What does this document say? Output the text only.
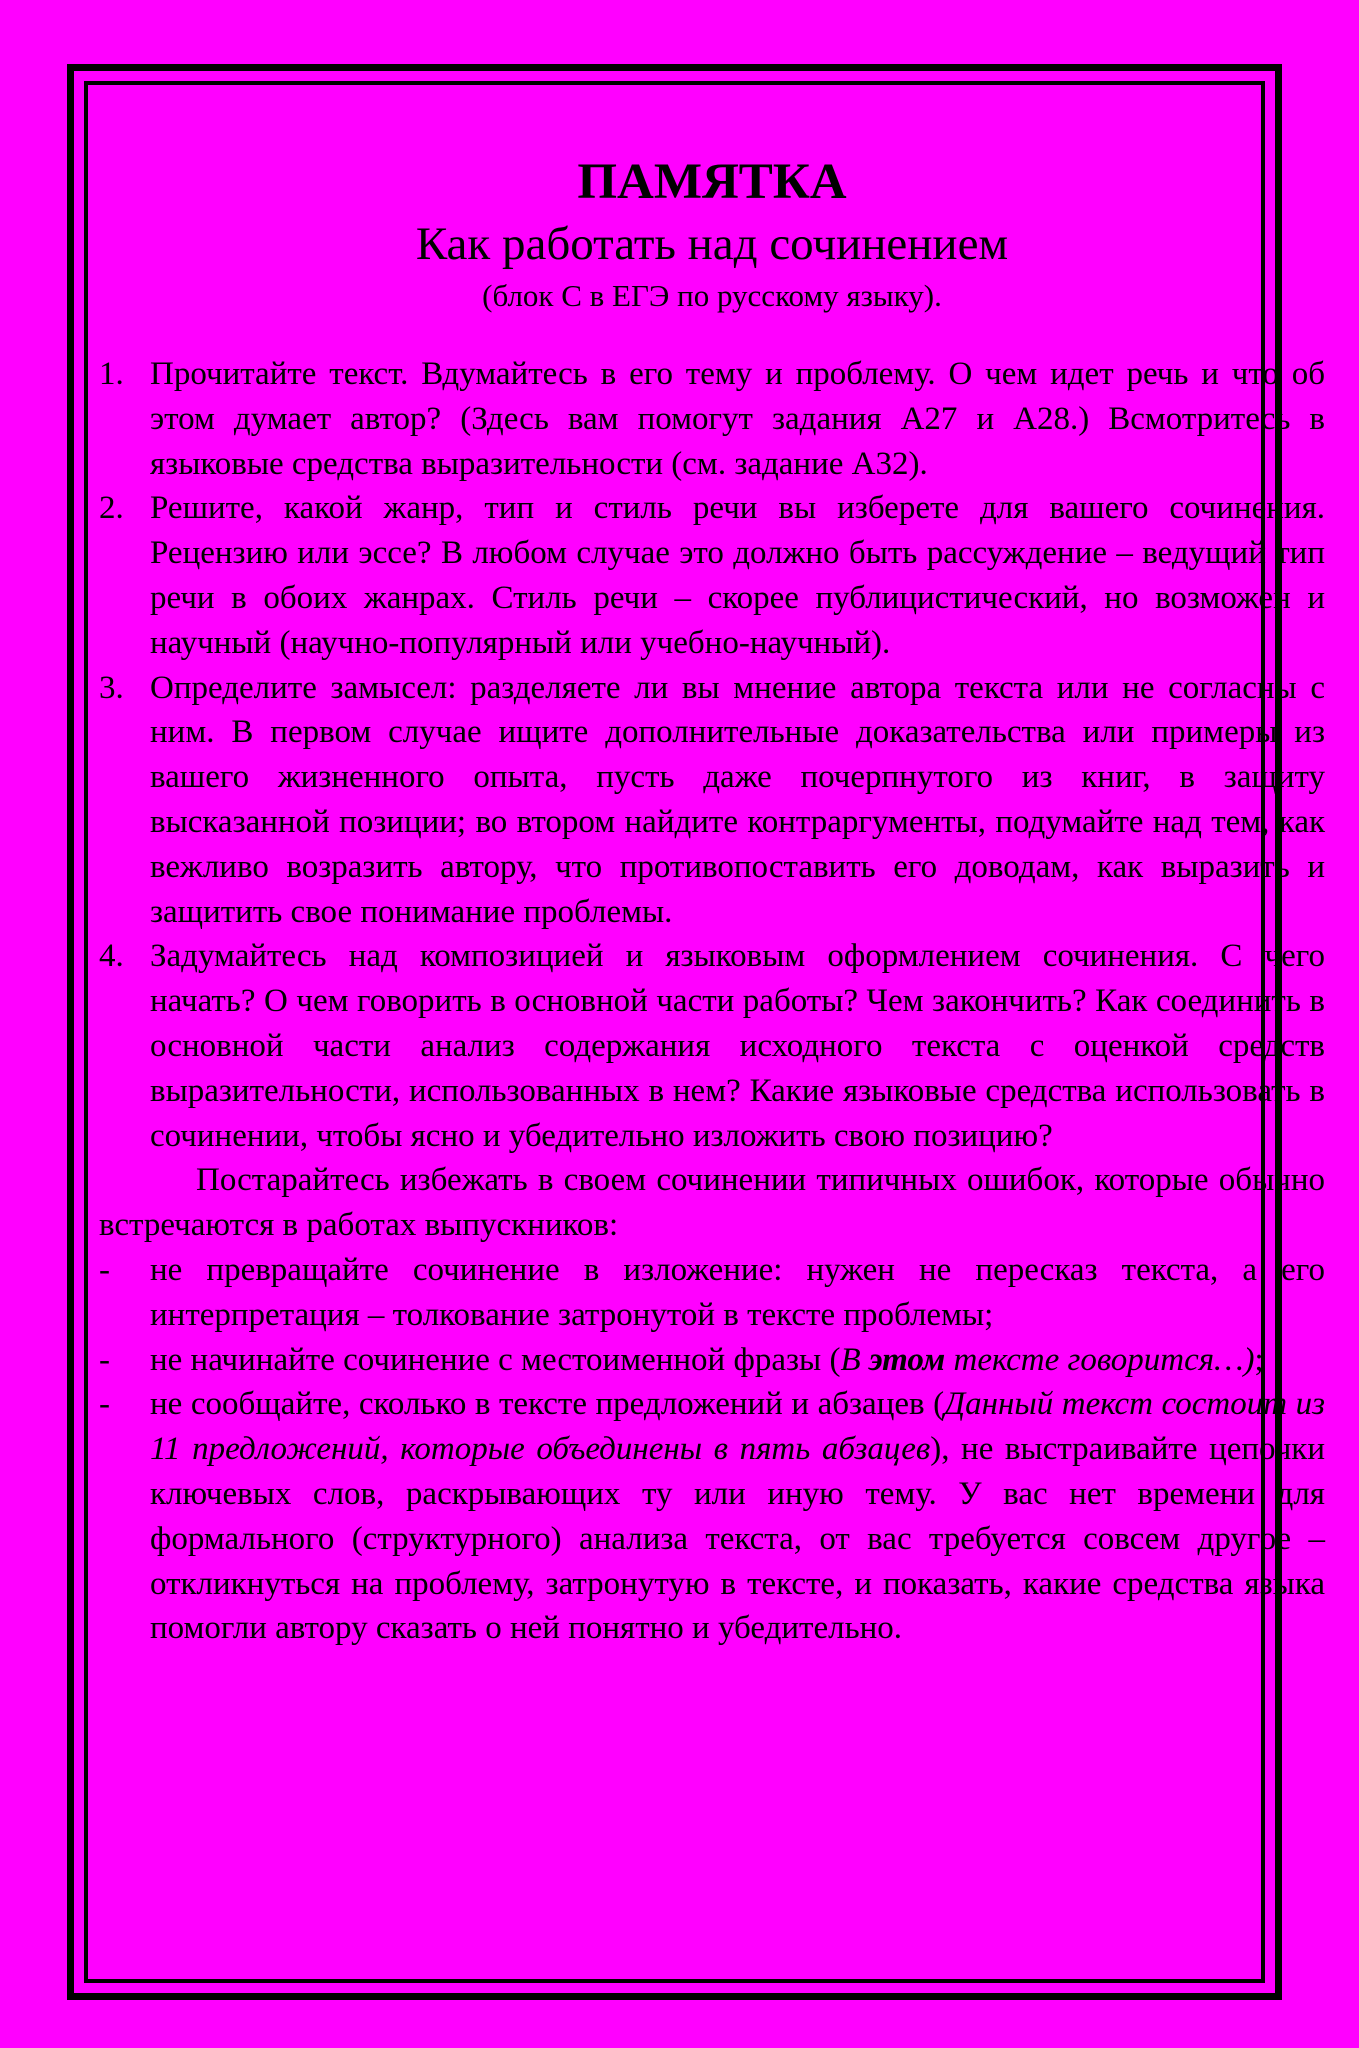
ПАМЯТКА

Как работать над сочинением

(блок С в ЕГЭ по русскому языку).

1. Прочитайте текст. Вдумайтесь в его тему и проблему. О чем идет речь и что об этом думает автор? (Здесь вам помогут задания А27 и А28.) Всмотритесь в языковые средства выразительности (см. задание А32).
2. Решите, какой жанр, тип и стиль речи вы изберете для вашего сочинения. Рецензию или эссе? В любом случае это должно быть рассуждение – ведущий тип речи в обоих жанрах. Стиль речи – скорее публицистический, но возможен и научный (научно-популярный или учебно-научный).
3. Определите замысел: разделяете ли вы мнение автора текста или не согласны с ним. В первом случае ищите дополнительные доказательства или примеры из вашего жизненного опыта, пусть даже почерпнутого из книг, в защиту высказанной позиции; во втором найдите контраргументы, подумайте над тем, как вежливо возразить автору, что противопоставить его доводам, как выразить и защитить свое понимание проблемы.
4. Задумайтесь над композицией и языковым оформлением сочинения. С чего начать? О чем говорить в основной части работы? Чем закончить? Как соединить в основной части анализ содержания исходного текста с оценкой средств выразительности, использованных в нем? Какие языковые средства использовать в сочинении, чтобы ясно и убедительно изложить свою позицию?

Постарайтесь избежать в своем сочинении типичных ошибок, которые обычно встречаются в работах выпускников:

-	не превращайте сочинение в изложение: нужен не пересказ текста, а его интерпретация – толкование затронутой в тексте проблемы;
-	не начинайте сочинение с местоименной фразы (В этом тексте говорится…);
-	не сообщайте, сколько в тексте предложений и абзацев (Данный текст состоит из 11 предложений, которые объединены в пять абзацев), не выстраивайте цепочки ключевых слов, раскрывающих ту или иную тему. У вас нет времени для формального (структурного) анализа текста, от вас требуется совсем другое – откликнуться на проблему, затронутую в тексте, и показать, какие средства языка помогли автору сказать о ней понятно и убедительно.
